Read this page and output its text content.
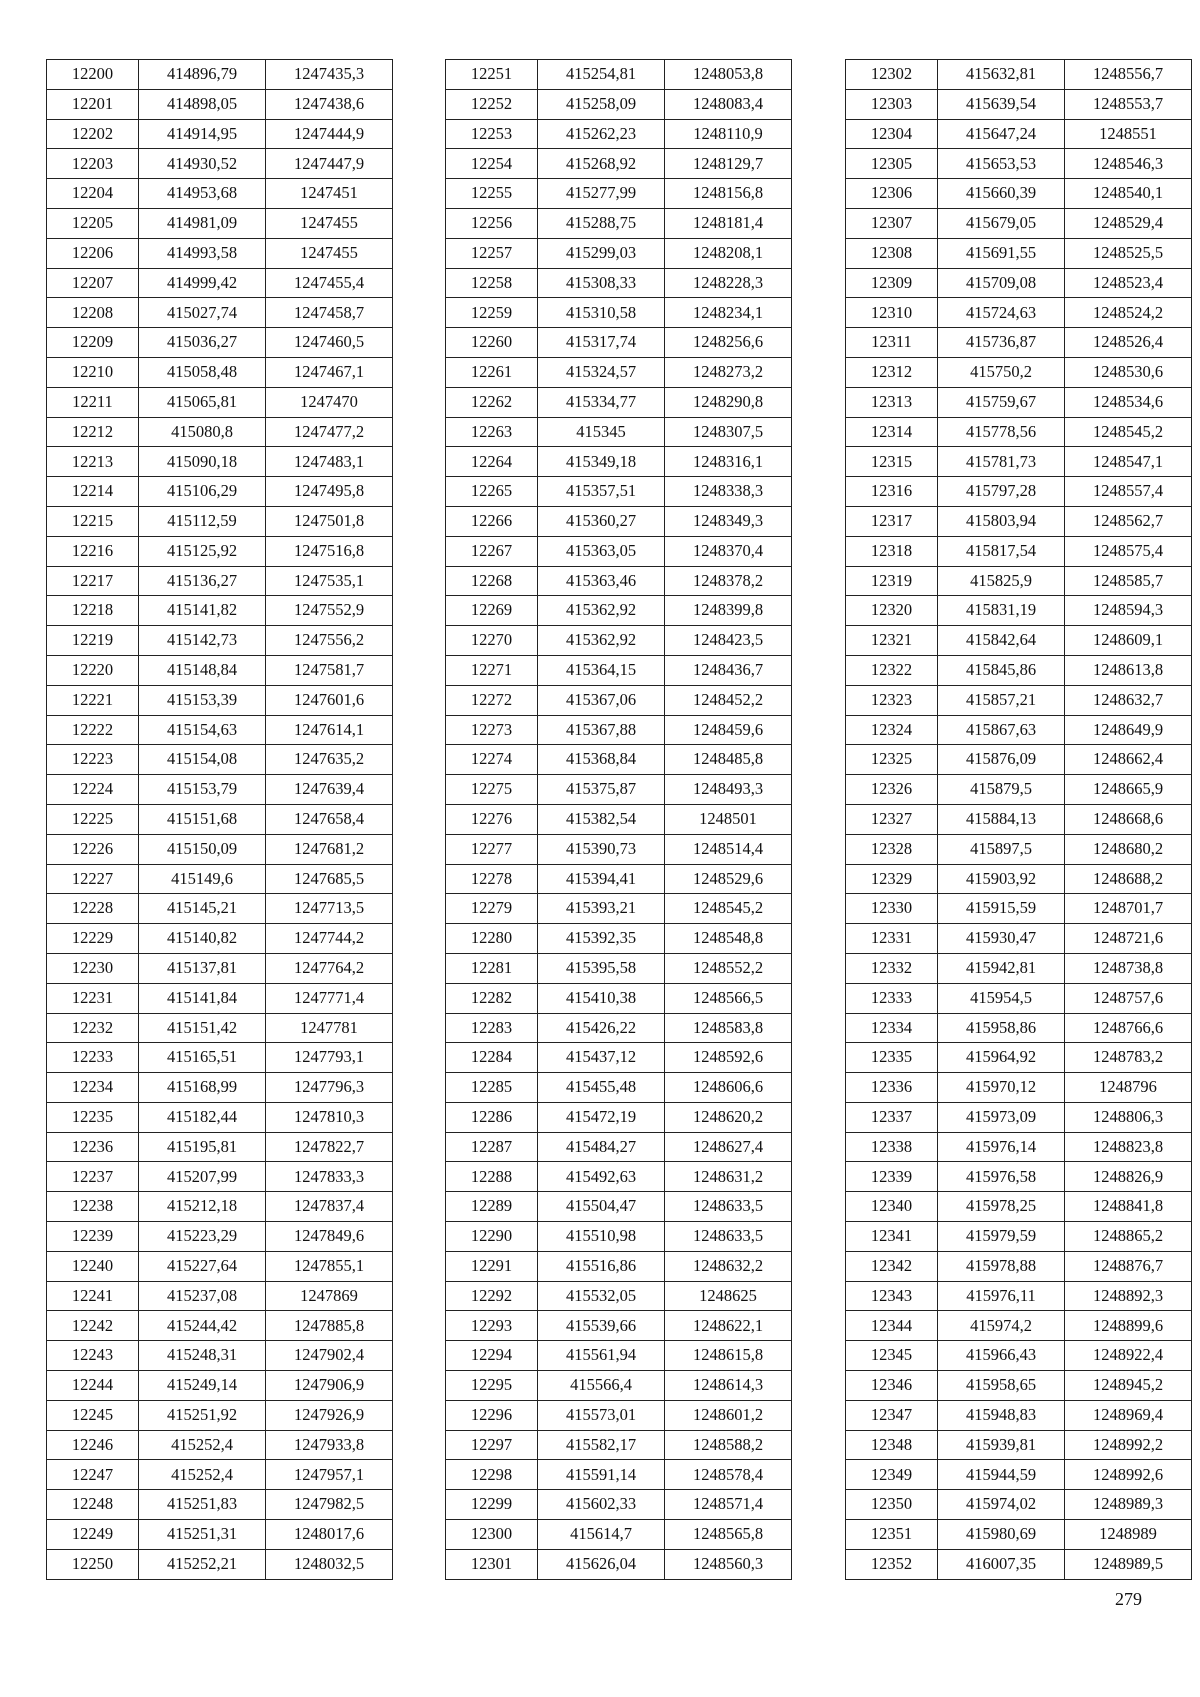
12200	414896,79	1247435,3
12201	414898,05	1247438,6
12202	414914,95	1247444,9
12203	414930,52	1247447,9
12204	414953,68	1247451
12205	414981,09	1247455
12206	414993,58	1247455
12207	414999,42	1247455,4
12208	415027,74	1247458,7
12209	415036,27	1247460,5
12210	415058,48	1247467,1
12211	415065,81	1247470
12212	415080,8	1247477,2
12213	415090,18	1247483,1
12214	415106,29	1247495,8
12215	415112,59	1247501,8
12216	415125,92	1247516,8
12217	415136,27	1247535,1
12218	415141,82	1247552,9
12219	415142,73	1247556,2
12220	415148,84	1247581,7
12221	415153,39	1247601,6
12222	415154,63	1247614,1
12223	415154,08	1247635,2
12224	415153,79	1247639,4
12225	415151,68	1247658,4
12226	415150,09	1247681,2
12227	415149,6	1247685,5
12228	415145,21	1247713,5
12229	415140,82	1247744,2
12230	415137,81	1247764,2
12231	415141,84	1247771,4
12232	415151,42	1247781
12233	415165,51	1247793,1
12234	415168,99	1247796,3
12235	415182,44	1247810,3
12236	415195,81	1247822,7
12237	415207,99	1247833,3
12238	415212,18	1247837,4
12239	415223,29	1247849,6
12240	415227,64	1247855,1
12241	415237,08	1247869
12242	415244,42	1247885,8
12243	415248,31	1247902,4
12244	415249,14	1247906,9
12245	415251,92	1247926,9
12246	415252,4	1247933,8
12247	415252,4	1247957,1
12248	415251,83	1247982,5
12249	415251,31	1248017,6
12250	415252,21	1248032,5
12251	415254,81	1248053,8
12252	415258,09	1248083,4
12253	415262,23	1248110,9
12254	415268,92	1248129,7
12255	415277,99	1248156,8
12256	415288,75	1248181,4
12257	415299,03	1248208,1
12258	415308,33	1248228,3
12259	415310,58	1248234,1
12260	415317,74	1248256,6
12261	415324,57	1248273,2
12262	415334,77	1248290,8
12263	415345	1248307,5
12264	415349,18	1248316,1
12265	415357,51	1248338,3
12266	415360,27	1248349,3
12267	415363,05	1248370,4
12268	415363,46	1248378,2
12269	415362,92	1248399,8
12270	415362,92	1248423,5
12271	415364,15	1248436,7
12272	415367,06	1248452,2
12273	415367,88	1248459,6
12274	415368,84	1248485,8
12275	415375,87	1248493,3
12276	415382,54	1248501
12277	415390,73	1248514,4
12278	415394,41	1248529,6
12279	415393,21	1248545,2
12280	415392,35	1248548,8
12281	415395,58	1248552,2
12282	415410,38	1248566,5
12283	415426,22	1248583,8
12284	415437,12	1248592,6
12285	415455,48	1248606,6
12286	415472,19	1248620,2
12287	415484,27	1248627,4
12288	415492,63	1248631,2
12289	415504,47	1248633,5
12290	415510,98	1248633,5
12291	415516,86	1248632,2
12292	415532,05	1248625
12293	415539,66	1248622,1
12294	415561,94	1248615,8
12295	415566,4	1248614,3
12296	415573,01	1248601,2
12297	415582,17	1248588,2
12298	415591,14	1248578,4
12299	415602,33	1248571,4
12300	415614,7	1248565,8
12301	415626,04	1248560,3
12302	415632,81	1248556,7
12303	415639,54	1248553,7
12304	415647,24	1248551
12305	415653,53	1248546,3
12306	415660,39	1248540,1
12307	415679,05	1248529,4
12308	415691,55	1248525,5
12309	415709,08	1248523,4
12310	415724,63	1248524,2
12311	415736,87	1248526,4
12312	415750,2	1248530,6
12313	415759,67	1248534,6
12314	415778,56	1248545,2
12315	415781,73	1248547,1
12316	415797,28	1248557,4
12317	415803,94	1248562,7
12318	415817,54	1248575,4
12319	415825,9	1248585,7
12320	415831,19	1248594,3
12321	415842,64	1248609,1
12322	415845,86	1248613,8
12323	415857,21	1248632,7
12324	415867,63	1248649,9
12325	415876,09	1248662,4
12326	415879,5	1248665,9
12327	415884,13	1248668,6
12328	415897,5	1248680,2
12329	415903,92	1248688,2
12330	415915,59	1248701,7
12331	415930,47	1248721,6
12332	415942,81	1248738,8
12333	415954,5	1248757,6
12334	415958,86	1248766,6
12335	415964,92	1248783,2
12336	415970,12	1248796
12337	415973,09	1248806,3
12338	415976,14	1248823,8
12339	415976,58	1248826,9
12340	415978,25	1248841,8
12341	415979,59	1248865,2
12342	415978,88	1248876,7
12343	415976,11	1248892,3
12344	415974,2	1248899,6
12345	415966,43	1248922,4
12346	415958,65	1248945,2
12347	415948,83	1248969,4
12348	415939,81	1248992,2
12349	415944,59	1248992,6
12350	415974,02	1248989,3
12351	415980,69	1248989
12352	416007,35	1248989,5
279
